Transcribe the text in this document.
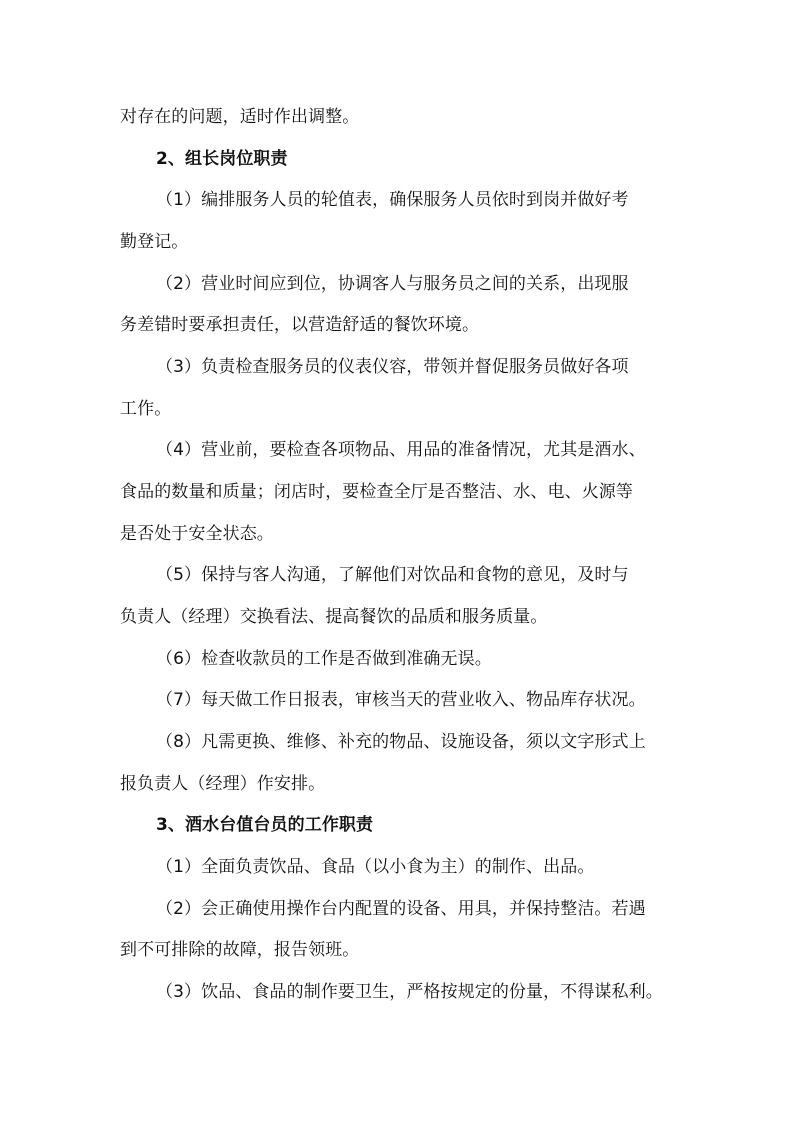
对存在的问题，适时作出调整。
2、组长岗位职责
（1）编排服务人员的轮值表，确保服务人员依时到岗并做好考
勤登记。
（2）营业时间应到位，协调客人与服务员之间的关系，出现服
务差错时要承担责任，以营造舒适的餐饮环境。
（3）负责检查服务员的仪表仪容，带领并督促服务员做好各项
工作。
（4）营业前，要检查各项物品、用品的准备情况，尤其是酒水、
食品的数量和质量；闭店时，要检查全厅是否整洁、水、电、火源等
是否处于安全状态。
（5）保持与客人沟通，了解他们对饮品和食物的意见，及时与
负责人（经理）交换看法、提高餐饮的品质和服务质量。
（6）检查收款员的工作是否做到准确无误。
（7）每天做工作日报表，审核当天的营业收入、物品库存状况。
（8）凡需更换、维修、补充的物品、设施设备，须以文字形式上
报负责人（经理）作安排。
3、酒水台值台员的工作职责
（1）全面负责饮品、食品（以小食为主）的制作、出品。
（2）会正确使用操作台内配置的设备、用具，并保持整洁。若遇
到不可排除的故障，报告领班。
（3）饮品、食品的制作要卫生，严格按规定的份量，不得谋私利。
